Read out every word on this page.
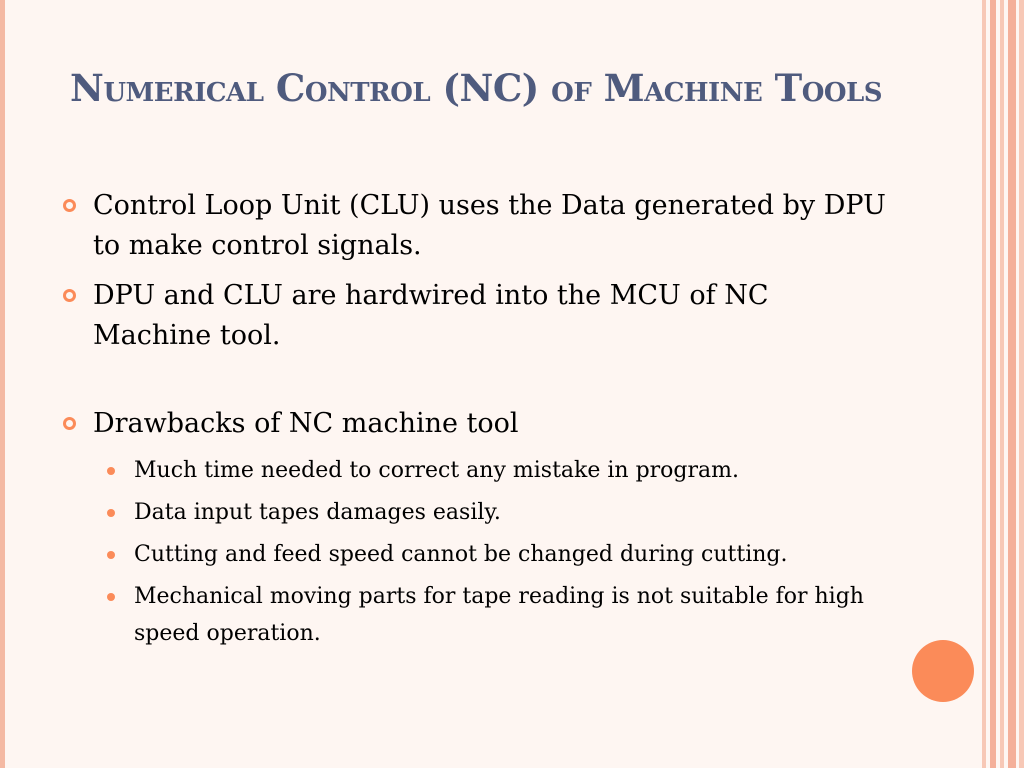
Numerical Control (NC) of Machine Tools
Control Loop Unit (CLU) uses the Data generated by DPU to make control signals.
DPU and CLU are hardwired into the MCU of NC Machine tool.
Drawbacks of NC machine tool
Much time needed to correct any mistake in program.
Data input tapes damages easily.
Cutting and feed speed cannot be changed during cutting.
Mechanical moving parts for tape reading is not suitable for high speed operation.
